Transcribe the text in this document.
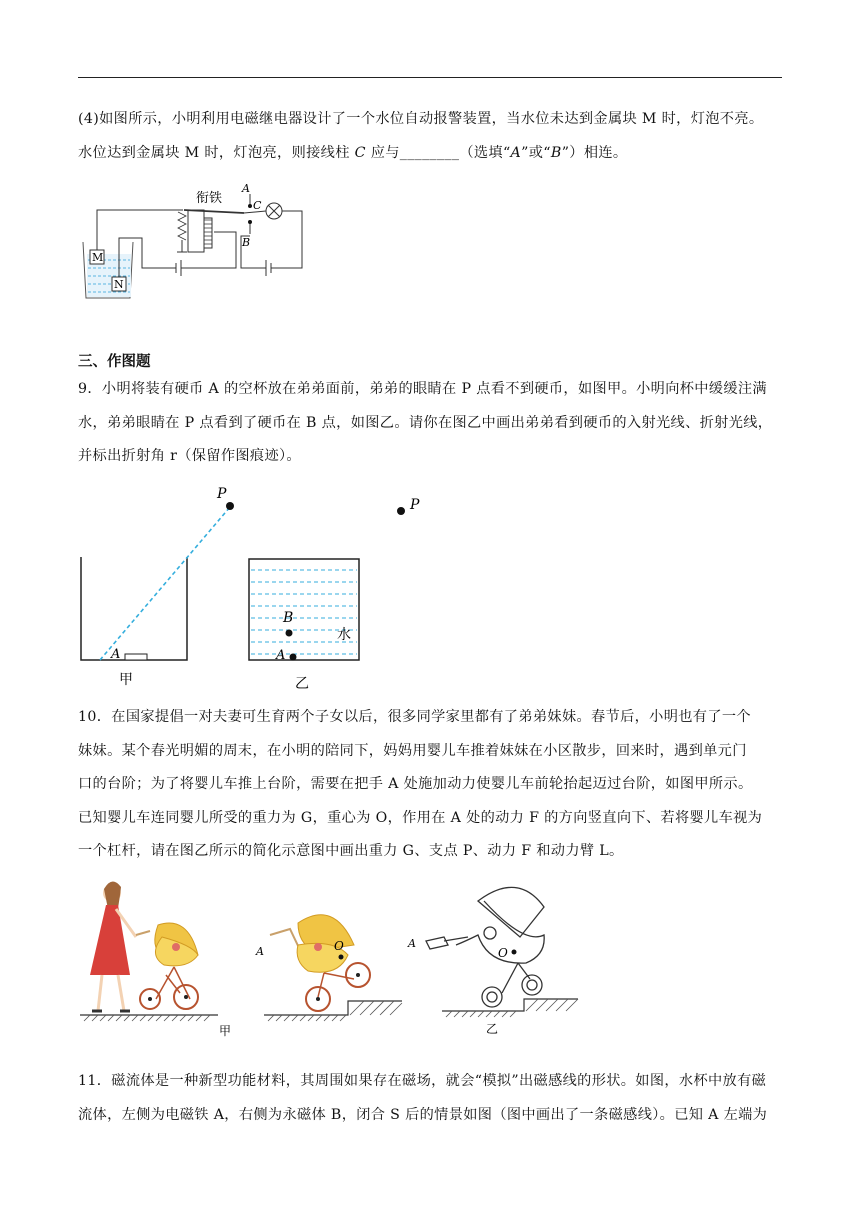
(4)如图所示，小明利用电磁继电器设计了一个水位自动报警装置，当水位未达到金属块 M 时，灯泡不亮。

水位达到金属块 M 时，灯泡亮，则接线柱 C 应与________（选填“A”或“B”）相连。

M
N
衔铁
A
B
C
三、作图题

9．小明将装有硬币 A 的空杯放在弟弟面前，弟弟的眼睛在 P 点看不到硬币，如图甲。小明向杯中缓缓注满

水，弟弟眼睛在 P 点看到了硬币在 B 点，如图乙。请你在图乙中画出弟弟看到硬币的入射光线、折射光线，

并标出折射角 r（保留作图痕迹）。

P
A
甲
B
A
水
乙
P

10．在国家提倡一对夫妻可生育两个子女以后，很多同学家里都有了弟弟妹妹。春节后，小明也有了一个

妹妹。某个春光明媚的周末，在小明的陪同下，妈妈用婴儿车推着妹妹在小区散步，回来时，遇到单元门

口的台阶；为了将婴儿车推上台阶，需要在把手 A 处施加动力使婴儿车前轮抬起迈过台阶，如图甲所示。

已知婴儿车连同婴儿所受的重力为 G，重心为 O，作用在 A 处的动力 F 的方向竖直向下、若将婴儿车视为

一个杠杆，请在图乙所示的简化示意图中画出重力 G、支点 P、动力 F 和动力臂 L。

甲
A	O	A
O
乙

11．磁流体是一种新型功能材料，其周围如果存在磁场，就会“模拟”出磁感线的形状。如图，水杯中放有磁

流体，左侧为电磁铁 A，右侧为永磁体 B，闭合 S 后的情景如图（图中画出了一条磁感线）。已知 A 左端为
